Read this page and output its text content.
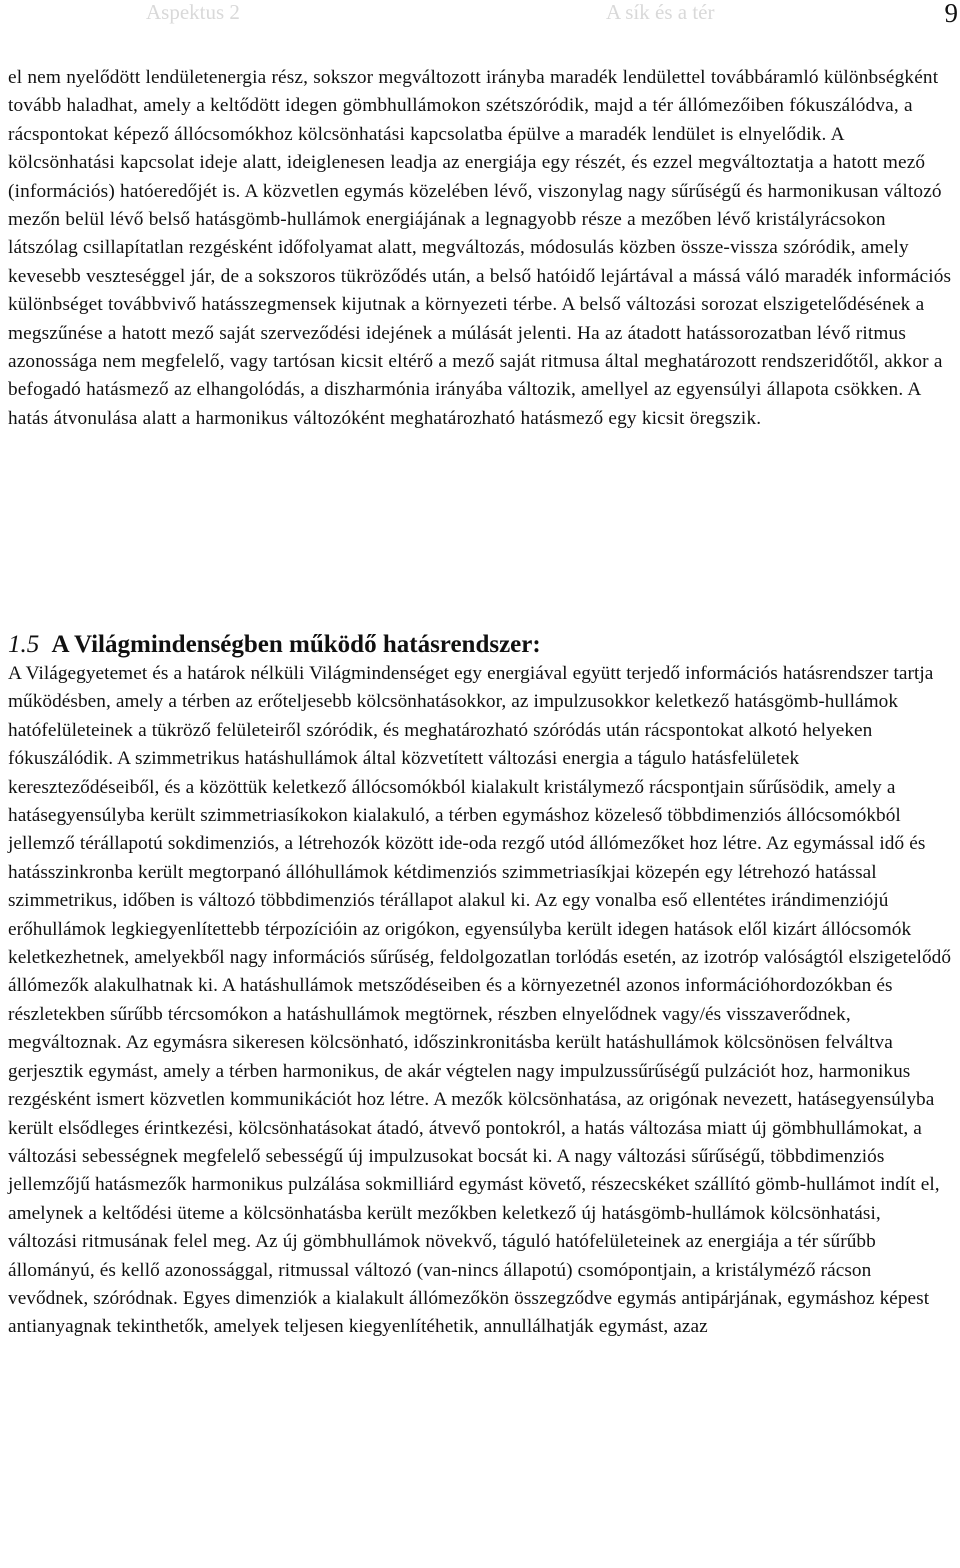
Aspektus 2	A sík és a tér	9

el nem nyelődött lendületenergia rész, sokszor megváltozott irányba maradék lendülettel továbbáramló különbségként tovább haladhat, amely a keltődött idegen gömbhullámokon szétszóródik, majd a tér állómezőiben fókuszálódva, a rácspontokat képező állócsomókhoz kölcsönhatási kapcsolatba épülve a maradék lendület is elnyelődik. A kölcsönhatási kapcsolat ideje alatt, ideiglenesen leadja az energiája egy részét, és ezzel megváltoztatja a hatott mező (információs) hatóeredőjét is. A közvetlen egymás közelében lévő, viszonylag nagy sűrűségű és harmonikusan változó mezőn belül lévő belső hatásgömb-hullámok energiájának a legnagyobb része a mezőben lévő kristályrácsokon látszólag csillapítatlan rezgésként időfolyamat alatt, megváltozás, módosulás közben össze-vissza szóródik, amely kevesebb veszteséggel jár, de a sokszoros tükröződés után, a belső hatóidő lejártával a mássá váló maradék információs különbséget továbbvivő hatásszegmensek kijutnak a környezeti térbe. A belső változási sorozat elszigetelődésének a megszűnése a hatott mező saját szerveződési idejének a múlását jelenti. Ha az átadott hatássorozatban lévő ritmus azonossága nem megfelelő, vagy tartósan kicsit eltérő a mező saját ritmusa által meghatározott rendszeridőtől, akkor a befogadó hatásmező az elhangolódás, a diszharmónia irányába változik, amellyel az egyensúlyi állapota csökken. A hatás átvonulása alatt a harmonikus változóként meghatározható hatásmező egy kicsit öregszik.

1.5 A Világmindenségben működő hatásrendszer:

A Világegyetemet és a határok nélküli Világmindenséget egy energiával együtt terjedő információs hatásrendszer tartja működésben, amely a térben az erőteljesebb kölcsönhatásokkor, az impulzusokkor keletkező hatásgömb-hullámok hatófelületeinek a tükröző felületeiről szóródik, és meghatározható szóródás után rácspontokat alkotó helyeken fókuszálódik. A szimmetrikus hatáshullámok által közvetített változási energia a tágulo hatásfelületek kereszteződéseiből, és a közöttük keletkező állócsomókból kialakult kristálymező rácspontjain sűrűsödik, amely a hatásegyensúlyba került szimmetriasíkokon kialakuló, a térben egymáshoz közeleső többdimenziós állócsomókból jellemző térállapotú sokdimenziós, a létrehozók között ide-oda rezgő utód állómezőket hoz létre. Az egymással idő és hatásszinkronba került megtorpanó állóhullámok kétdimenziós szimmetriasíkjai közepén egy létrehozó hatással szimmetrikus, időben is változó többdimenziós térállapot alakul ki. Az egy vonalba eső ellentétes irándimenziójú erőhullámok legkiegyenlítettebb térpozícióin az origókon, egyensúlyba került idegen hatások elől kizárt állócsomók keletkezhetnek, amelyekből nagy információs sűrűség, feldolgozatlan torlódás esetén, az izotróp valóságtól elszigetelődő állómezők alakulhatnak ki. A hatáshullámok metsződéseiben és a környezetnél azonos információhordozókban és részletekben sűrűbb tércsomókon a hatáshullámok megtörnek, részben elnyelődnek vagy/és visszaverődnek, megváltoznak. Az egymásra sikeresen kölcsönható, időszinkronitásba került hatáshullámok kölcsönösen felváltva gerjesztik egymást, amely a térben harmonikus, de akár végtelen nagy impulzussűrűségű pulzációt hoz, harmonikus rezgésként ismert közvetlen kommunikációt hoz létre. A mezők kölcsönhatása, az origónak nevezett, hatásegyensúlyba került elsődleges érintkezési, kölcsönhatásokat átadó, átvevő pontokról, a hatás változása miatt új gömbhullámokat, a változási sebességnek megfelelő sebességű új impulzusokat bocsát ki. A nagy változási sűrűségű, többdimenziós jellemzőjű hatásmezők harmonikus pulzálása sokmilliárd egymást követő, részecskéket szállító gömb-hullámot indít el, amelynek a keltődési üteme a kölcsönhatásba került mezőkben keletkező új hatásgömb-hullámok kölcsönhatási, változási ritmusának felel meg. Az új gömbhullámok növekvő, táguló hatófelületeinek az energiája a tér sűrűbb állományú, és kellő azonossággal, ritmussal változó (van-nincs állapotú) csomópontjain, a kristályméző rácson vevődnek, szóródnak. Egyes dimenziók a kialakult állómezőkön összegződve egymás antipárjának, egymáshoz képest antianyagnak tekinthetők, amelyek teljesen kiegyenlítéhetik, annullálhatják egymást, azaz
